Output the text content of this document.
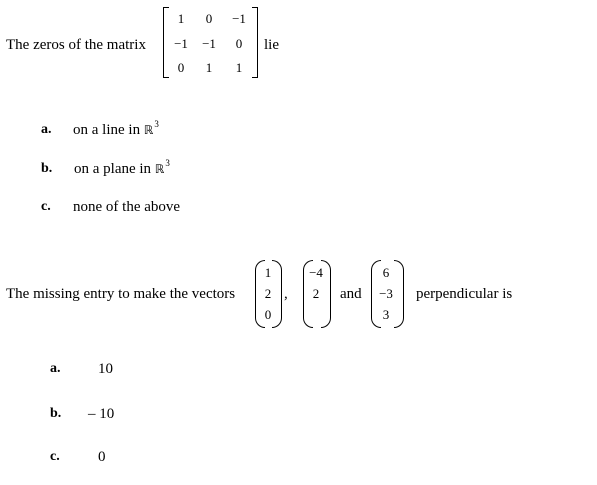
The zeros of the matrix
1	0	−1
−1	−1	0
0	1	1
lie
a. on a line in ℝ$^3$
b. on a plane in ℝ$^3$
c. none of the above
The missing entry to make the vectors
1
2
0
,
−4
2	and
6
−3
3
perpendicular is
a.	10
b. – 10
c.	0
